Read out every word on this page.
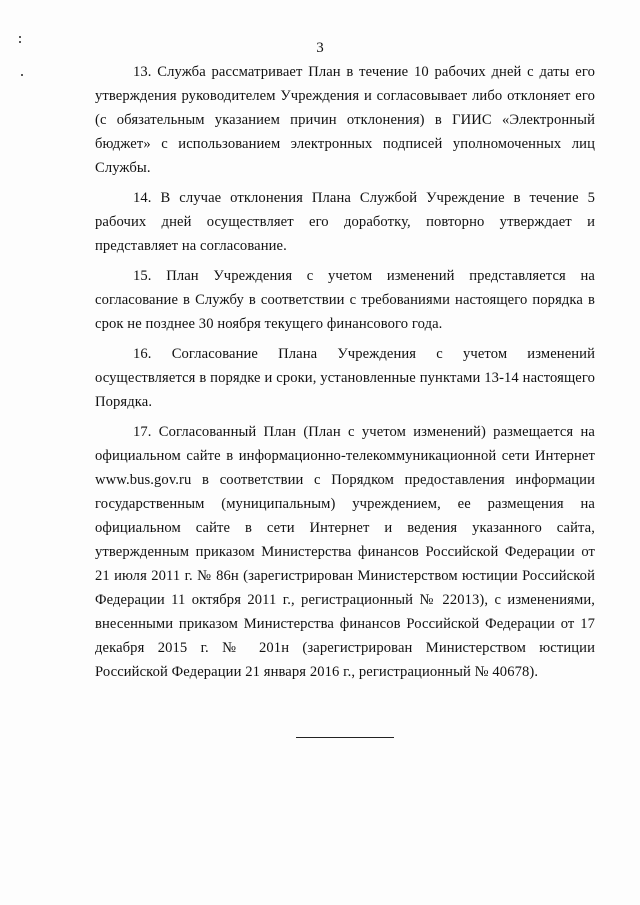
3

13. Служба рассматривает План в течение 10 рабочих дней с даты его утверждения руководителем Учреждения и согласовывает либо отклоняет его (с обязательным указанием причин отклонения) в ГИИС «Электронный бюджет» с использованием электронных подписей уполномоченных лиц Службы.

14. В случае отклонения Плана Службой Учреждение в течение 5 рабочих дней осуществляет его доработку, повторно утверждает и представляет на согласование.

15. План Учреждения с учетом изменений представляется на согласование в Службу в соответствии с требованиями настоящего порядка в срок не позднее 30 ноября текущего финансового года.

16. Согласование Плана Учреждения с учетом изменений осуществляется в порядке и сроки, установленные пунктами 13-14 настоящего Порядка.

17. Согласованный План (План с учетом изменений) размещается на официальном сайте в информационно-телекоммуникационной сети Интернет www.bus.gov.ru в соответствии с Порядком предоставления информации государственным (муниципальным) учреждением, ее размещения на официальном сайте в сети Интернет и ведения указанного сайта, утвержденным приказом Министерства финансов Российской Федерации от 21 июля 2011 г. № 86н (зарегистрирован Министерством юстиции Российской Федерации 11 октября 2011 г., регистрационный № 22013), с изменениями, внесенными приказом Министерства финансов Российской Федерации от 17 декабря 2015 г. № 201н (зарегистрирован Министерством юстиции Российской Федерации 21 января 2016 г., регистрационный № 40678).
